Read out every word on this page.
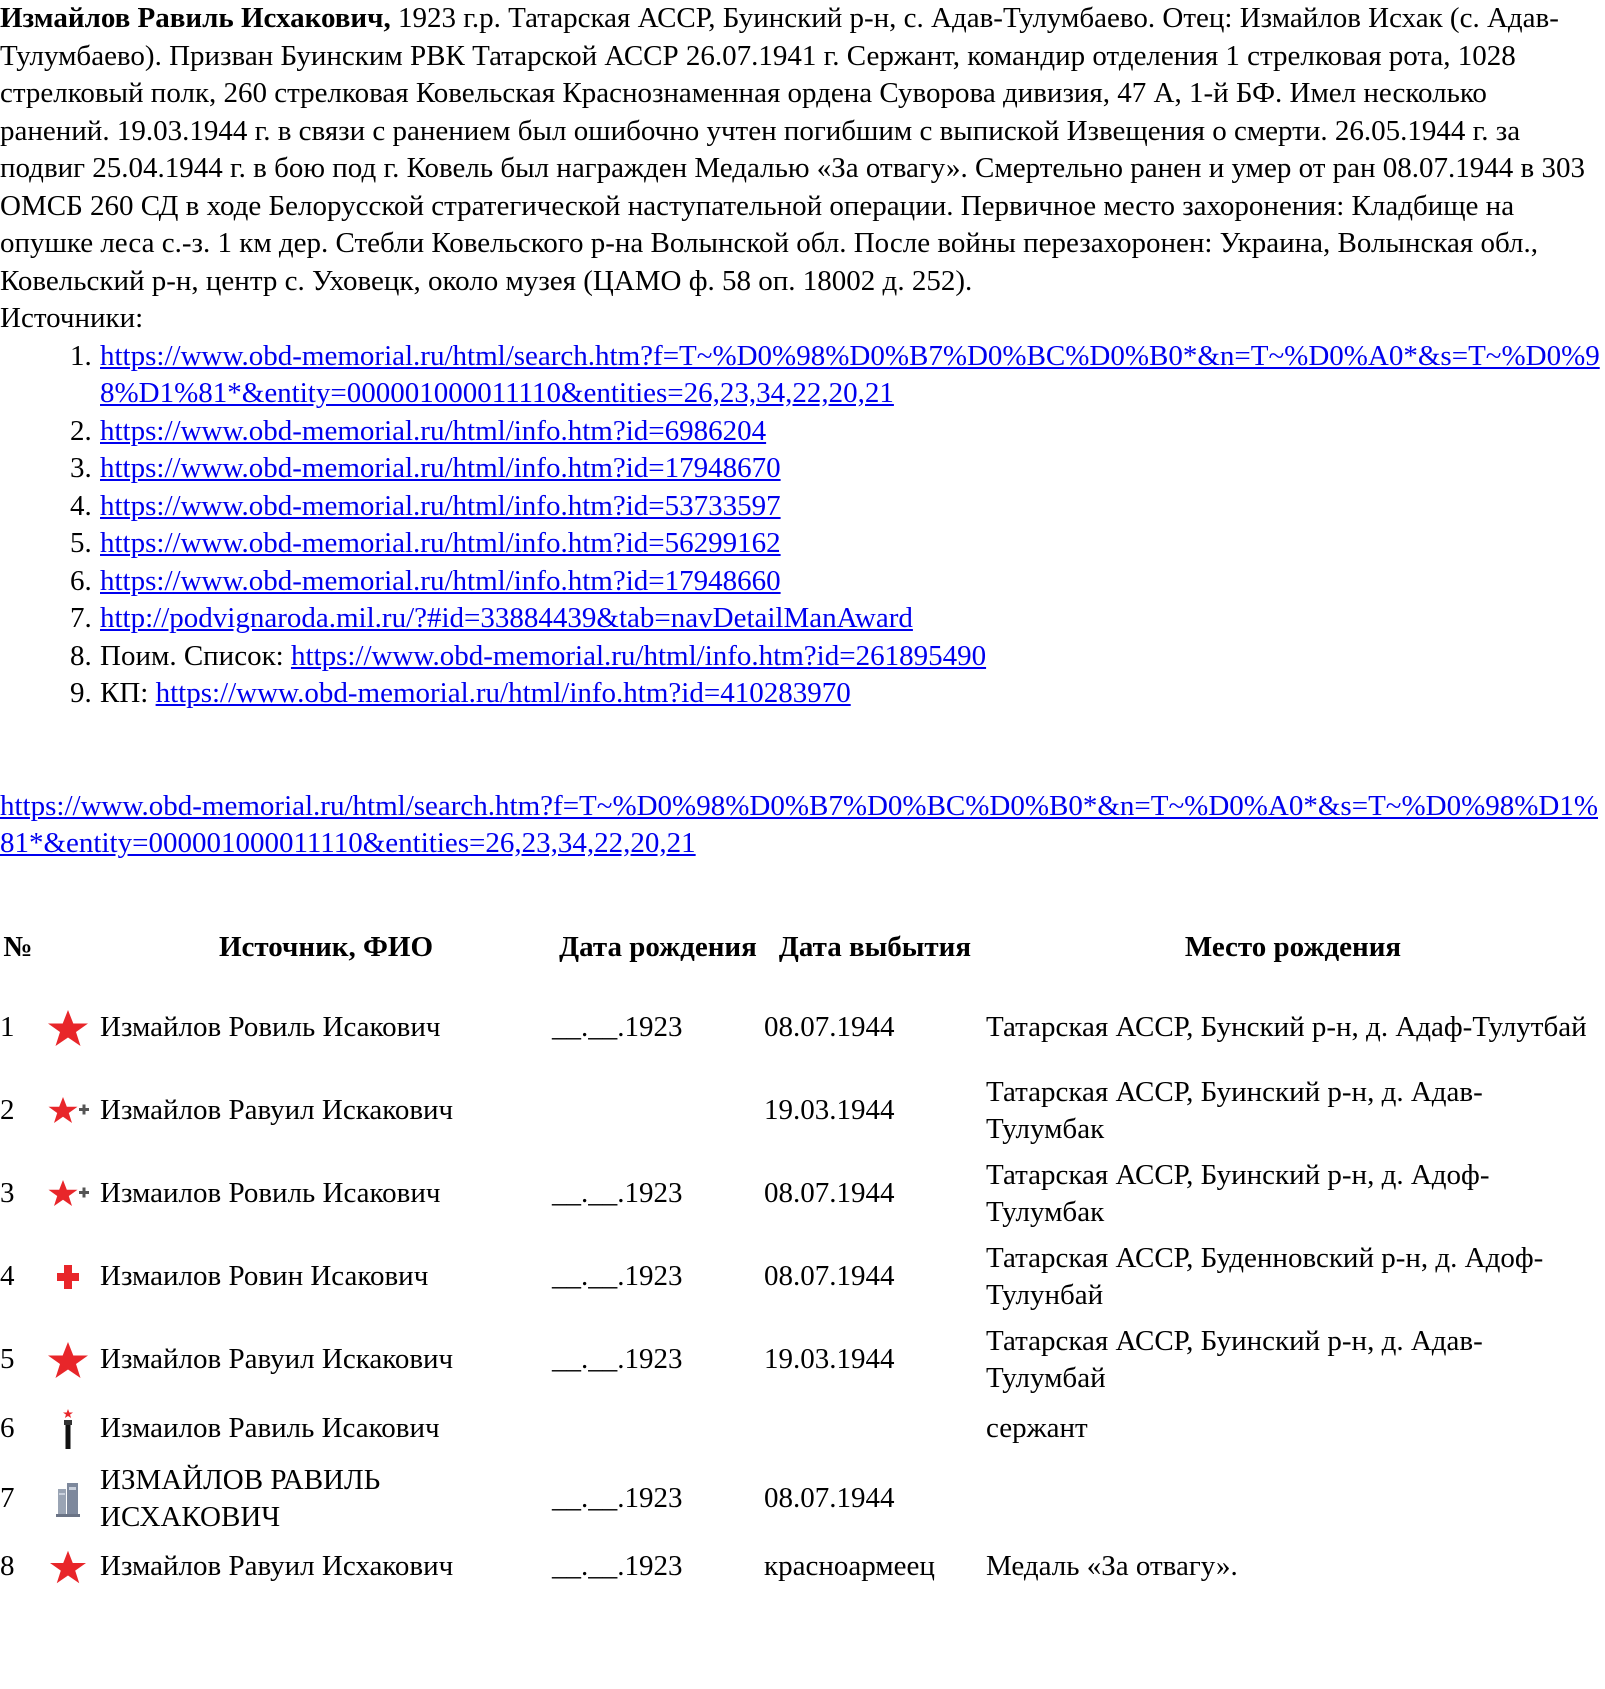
Измайлов Равиль Исхакович, 1923 г.р. Татарская АССР, Буинский р-н, с. Адав-Тулумбаево. Отец: Измайлов Исхак (с. Адав-Тулумбаево). Призван Буинским РВК Татарской АССР 26.07.1941 г. Сержант, командир отделения 1 стрелковая рота, 1028 стрелковый полк, 260 стрелковая Ковельская Краснознаменная ордена Суворова дивизия, 47 А, 1-й БФ. Имел несколько ранений. 19.03.1944 г. в связи с ранением был ошибочно учтен погибшим с выпиской Извещения о смерти. 26.05.1944 г. за подвиг 25.04.1944 г. в бою под г. Ковель был награжден Медалью «За отвагу». Смертельно ранен и умер от ран 08.07.1944 в 303 ОМСБ 260 СД в ходе Белорусской стратегической наступательной операции. Первичное место захоронения: Кладбище на опушке леса с.-з. 1 км дер. Стебли Ковельского р-на Волынской обл. После войны перезахоронен: Украина, Волынская обл., Ковельский р-н, центр с. Уховецк, около музея (ЦАМО ф. 58 оп. 18002 д. 252).

Источники:

1. https://www.obd-memorial.ru/html/search.htm?f=T~%D0%98%D0%B7%D0%BC%D0%B0*&n=T~%D0%A0*&s=T~%D0%98%D1%81*&entity=000001000011110&entities=26,23,34,22,20,21
2. https://www.obd-memorial.ru/html/info.htm?id=6986204
3. https://www.obd-memorial.ru/html/info.htm?id=17948670
4. https://www.obd-memorial.ru/html/info.htm?id=53733597
5. https://www.obd-memorial.ru/html/info.htm?id=56299162
6. https://www.obd-memorial.ru/html/info.htm?id=17948660
7. http://podvignaroda.mil.ru/?#id=33884439&tab=navDetailManAward
8. Поим. Список: https://www.obd-memorial.ru/html/info.htm?id=261895490
9. КП: https://www.obd-memorial.ru/html/info.htm?id=410283970
https://www.obd-memorial.ru/html/search.htm?f=T~%D0%98%D0%B7%D0%BC%D0%B0*&n=T~%D0%A0*&s=T~%D0%98%D1%81*&entity=000001000011110&entities=26,23,34,22,20,21
№		Источник, ФИО	Дата рождения	Дата выбытия	Место рождения
1		Измайлов Ровиль Исакович	__.__.1923	08.07.1944	Татарская АССР, Бунский р-н, д. Адаф-Тулутбай
2		Измайлов Равуил Искакович		19.03.1944	Татарская АССР, Буинский р-н, д. Адав-Тулумбак
3		Измаилов Ровиль Исакович	__.__.1923	08.07.1944	Татарская АССР, Буинский р-н, д. Адоф-Тулумбак
4		Измаилов Ровин Исакович	__.__.1923	08.07.1944	Татарская АССР, Буденновский р-н, д. Адоф-Тулунбай
5		Измайлов Равуил Искакович	__.__.1923	19.03.1944	Татарская АССР, Буинский р-н, д. Адав-Тулумбай
6		Измаилов Равиль Исакович			сержант
7		ИЗМАЙЛОВ РАВИЛЬ ИСХАКОВИЧ	__.__.1923	08.07.1944	
8		Измайлов Равуил Исхакович	__.__.1923	красноармеец	Медаль «За отвагу».
